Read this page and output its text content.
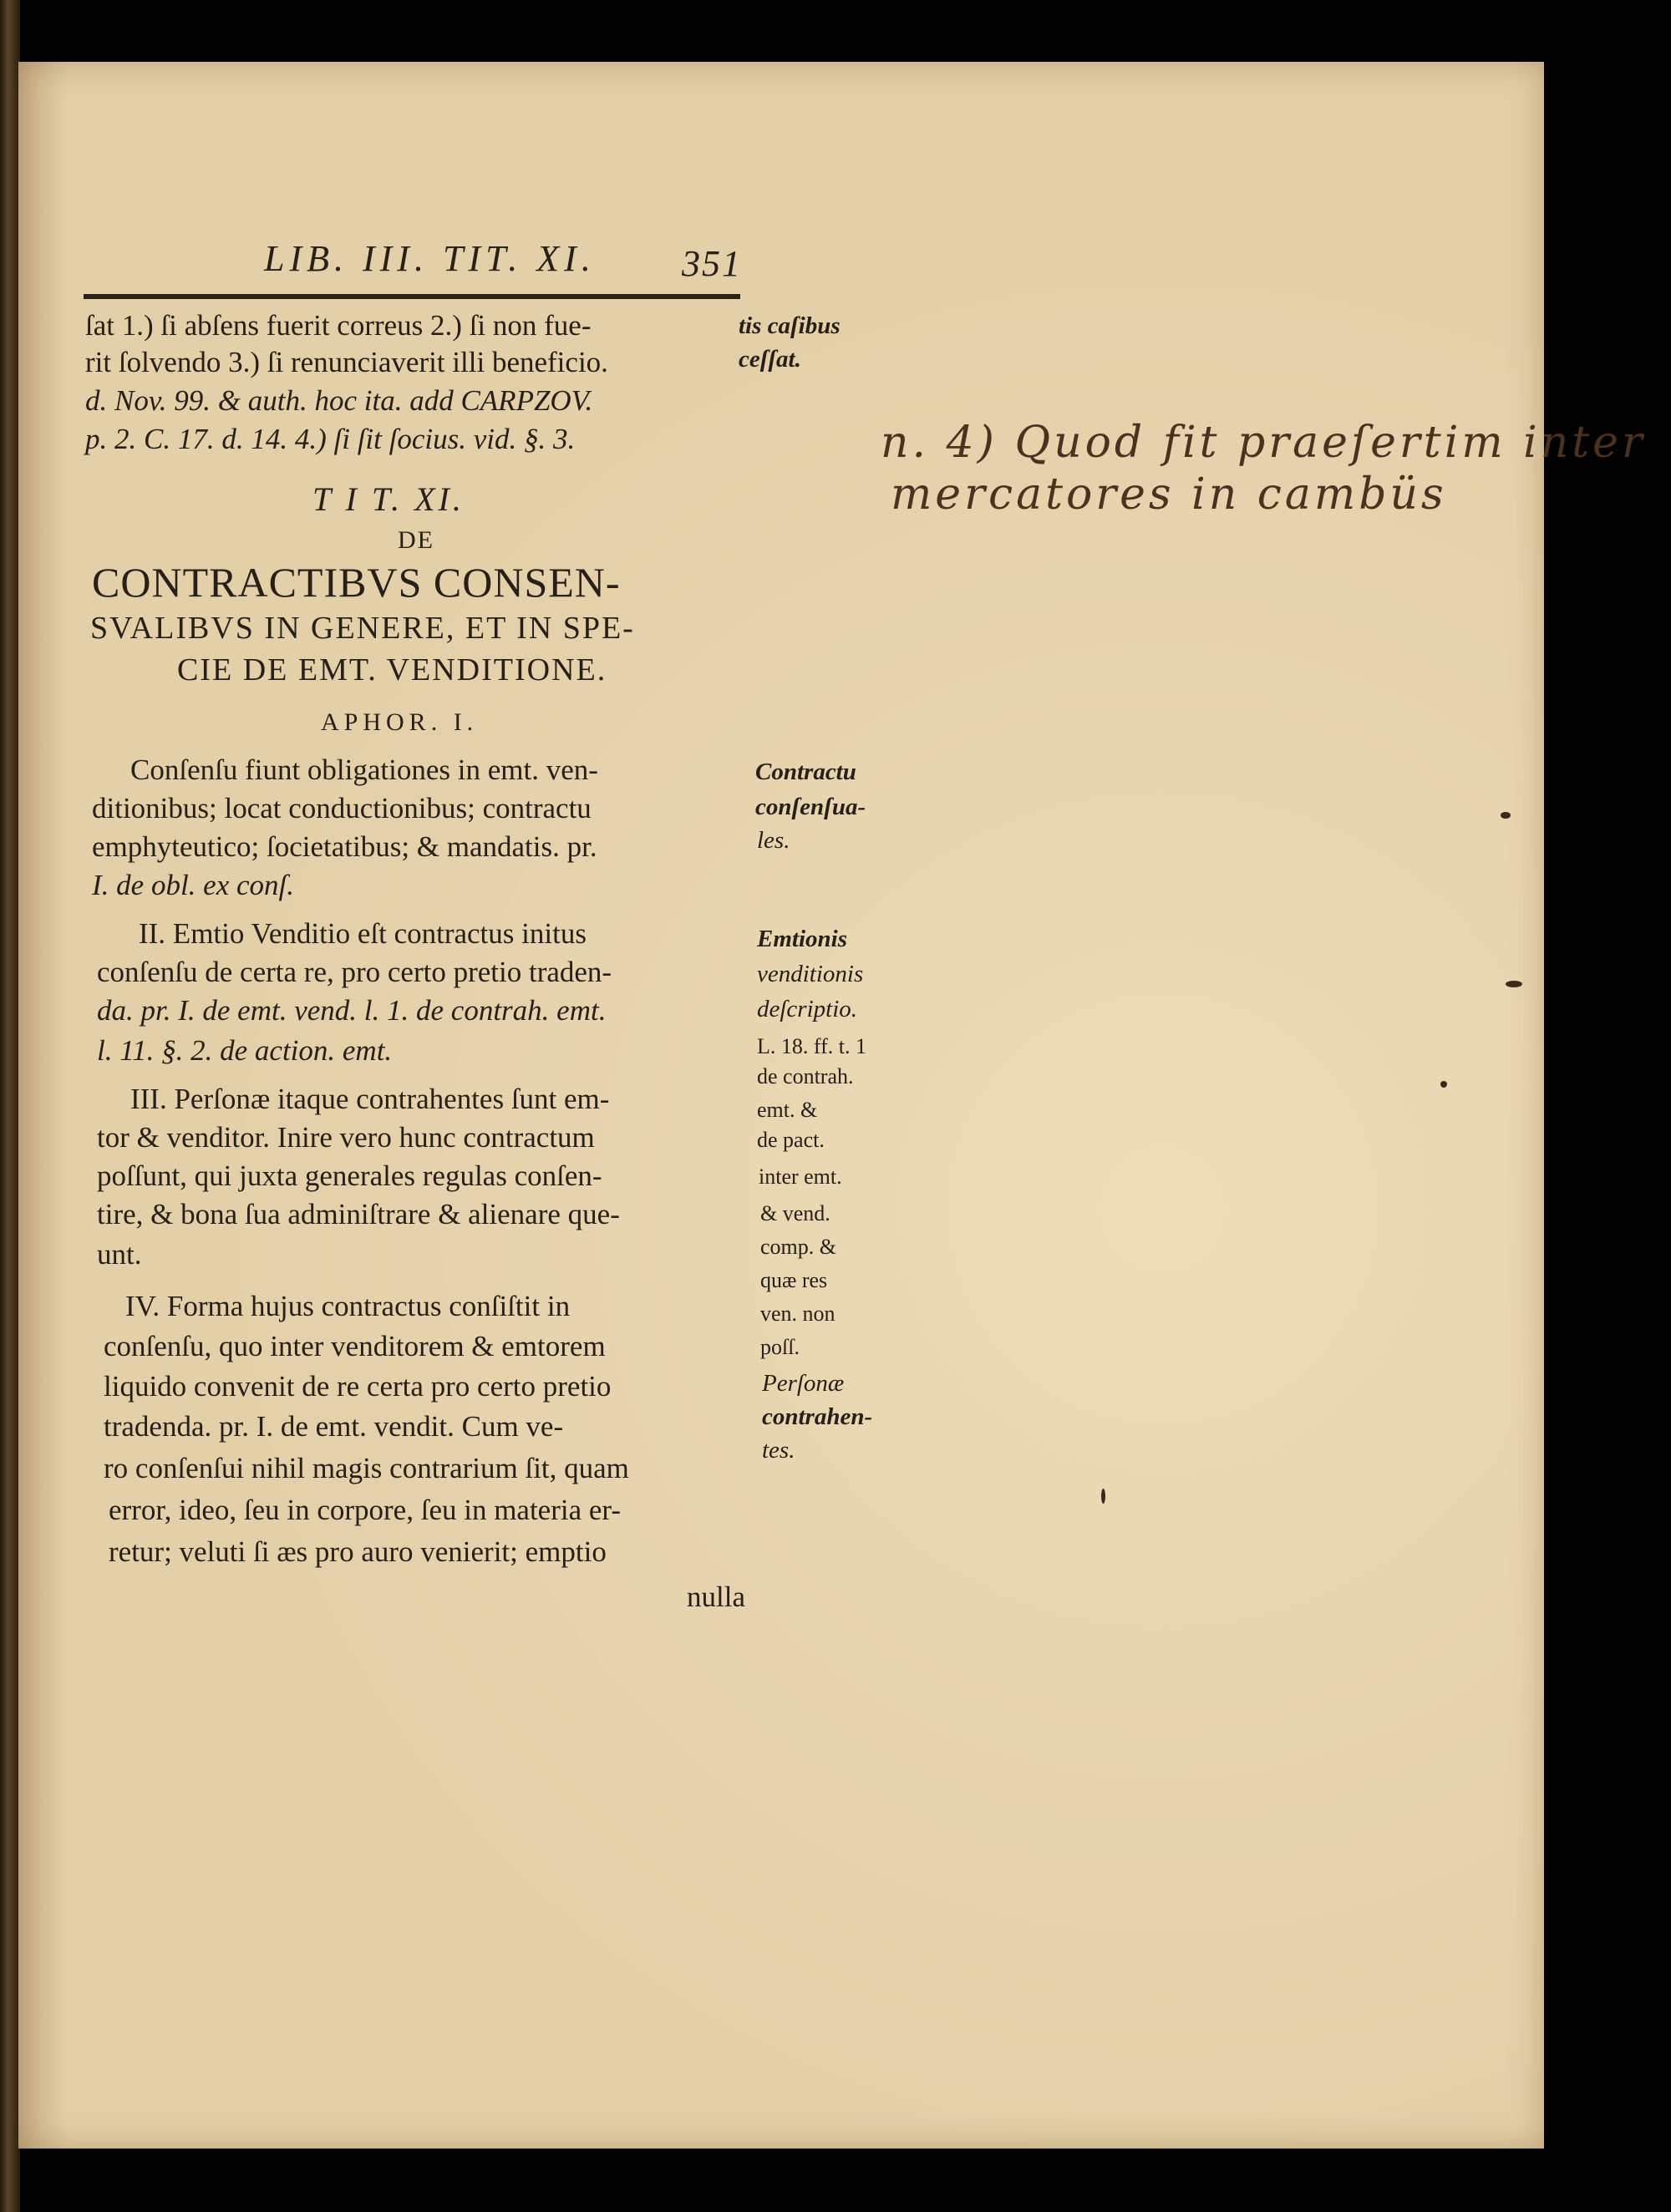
LIB. III. TIT. XI. 351
ſat 1.) ſi abſens fuerit correus 2.) ſi non fue-
rit ſolvendo 3.) ſi renunciaverit illi beneficio.
d. Nov. 99. & auth. hoc ita. add CARPZOV.
p. 2. C. 17. d. 14. 4.) ſi ſit ſocius. vid. §. 3.
T I T. XI.
DE
CONTRACTIBVS CONSEN-
SVALIBVS IN GENERE, ET IN SPE-
CIE DE EMT. VENDITIONE.
APHOR. I.
Conſenſu fiunt obligationes in emt. ven-
ditionibus; locat conductionibus; contractu
emphyteutico; ſocietatibus; & mandatis. pr.
I. de obl. ex conſ.
II. Emtio Venditio eſt contractus initus
conſenſu de certa re, pro certo pretio traden-
da. pr. I. de emt. vend. l. 1. de contrah. emt.
l. 11. §. 2. de action. emt.
III. Perſonæ itaque contrahentes ſunt em-
tor & venditor. Inire vero hunc contractum
poſſunt, qui juxta generales regulas conſen-
tire, & bona ſua adminiſtrare & alienare que-
unt.
IV. Forma hujus contractus conſiſtit in
conſenſu, quo inter venditorem & emtorem
liquido convenit de re certa pro certo pretio
tradenda. pr. I. de emt. vendit. Cum ve-
ro conſenſui nihil magis contrarium ſit, quam
error, ideo, ſeu in corpore, ſeu in materia er-
retur; veluti ſi æs pro auro venierit; emptio
nulla
tis caſibus
ceſſat.
Contractu
conſenſua-
les.
Emtionis
venditionis
deſcriptio.
L. 18. ff. t. 1
de contrah.
emt. &
de pact.
inter emt.
& vend.
comp. &
quæ res
ven. non
poſſ.
Perſonæ
contrahen-
tes.
n. 4) Quod fit praeſertim inter
mercatores in cambüs
